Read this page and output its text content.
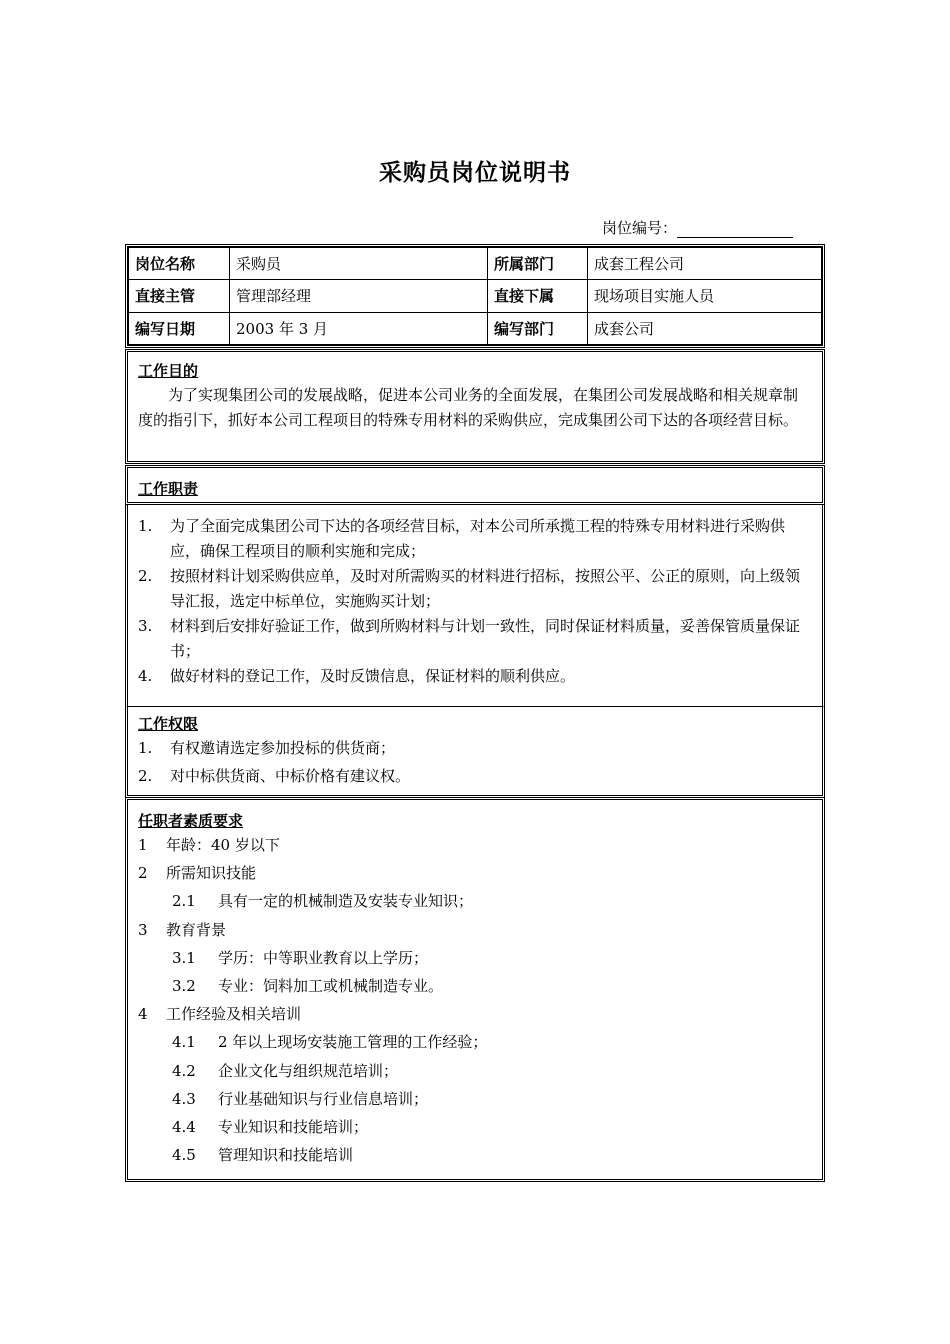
采购员岗位说明书
岗位编号：
岗位名称	采购员	所属部门	成套工程公司
直接主管	管理部经理	直接下属	现场项目实施人员
编写日期	2003 年 3 月	编写部门	成套公司
工作目的
为了实现集团公司的发展战略，促进本公司业务的全面发展，在集团公司发展战略和相关规章制度的指引下，抓好本公司工程项目的特殊专用材料的采购供应，完成集团公司下达的各项经营目标。
工作职责
1.	为了全面完成集团公司下达的各项经营目标，对本公司所承揽工程的特殊专用材料进行采购供应，确保工程项目的顺利实施和完成；
2.	按照材料计划采购供应单，及时对所需购买的材料进行招标，按照公平、公正的原则，向上级领导汇报，选定中标单位，实施购买计划；
3.	材料到后安排好验证工作，做到所购材料与计划一致性，同时保证材料质量，妥善保管质量保证书；
4.	做好材料的登记工作，及时反馈信息，保证材料的顺利供应。
工作权限
1.	有权邀请选定参加投标的供货商；
2.	对中标供货商、中标价格有建议权。
任职者素质要求
1	年龄：40 岁以下
2	所需知识技能
2.1	具有一定的机械制造及安装专业知识；
3	教育背景
3.1	学历：中等职业教育以上学历；
3.2	专业：饲料加工或机械制造专业。
4	工作经验及相关培训
4.1	2 年以上现场安装施工管理的工作经验；
4.2	企业文化与组织规范培训；
4.3	行业基础知识与行业信息培训；
4.4	专业知识和技能培训；
4.5	管理知识和技能培训
